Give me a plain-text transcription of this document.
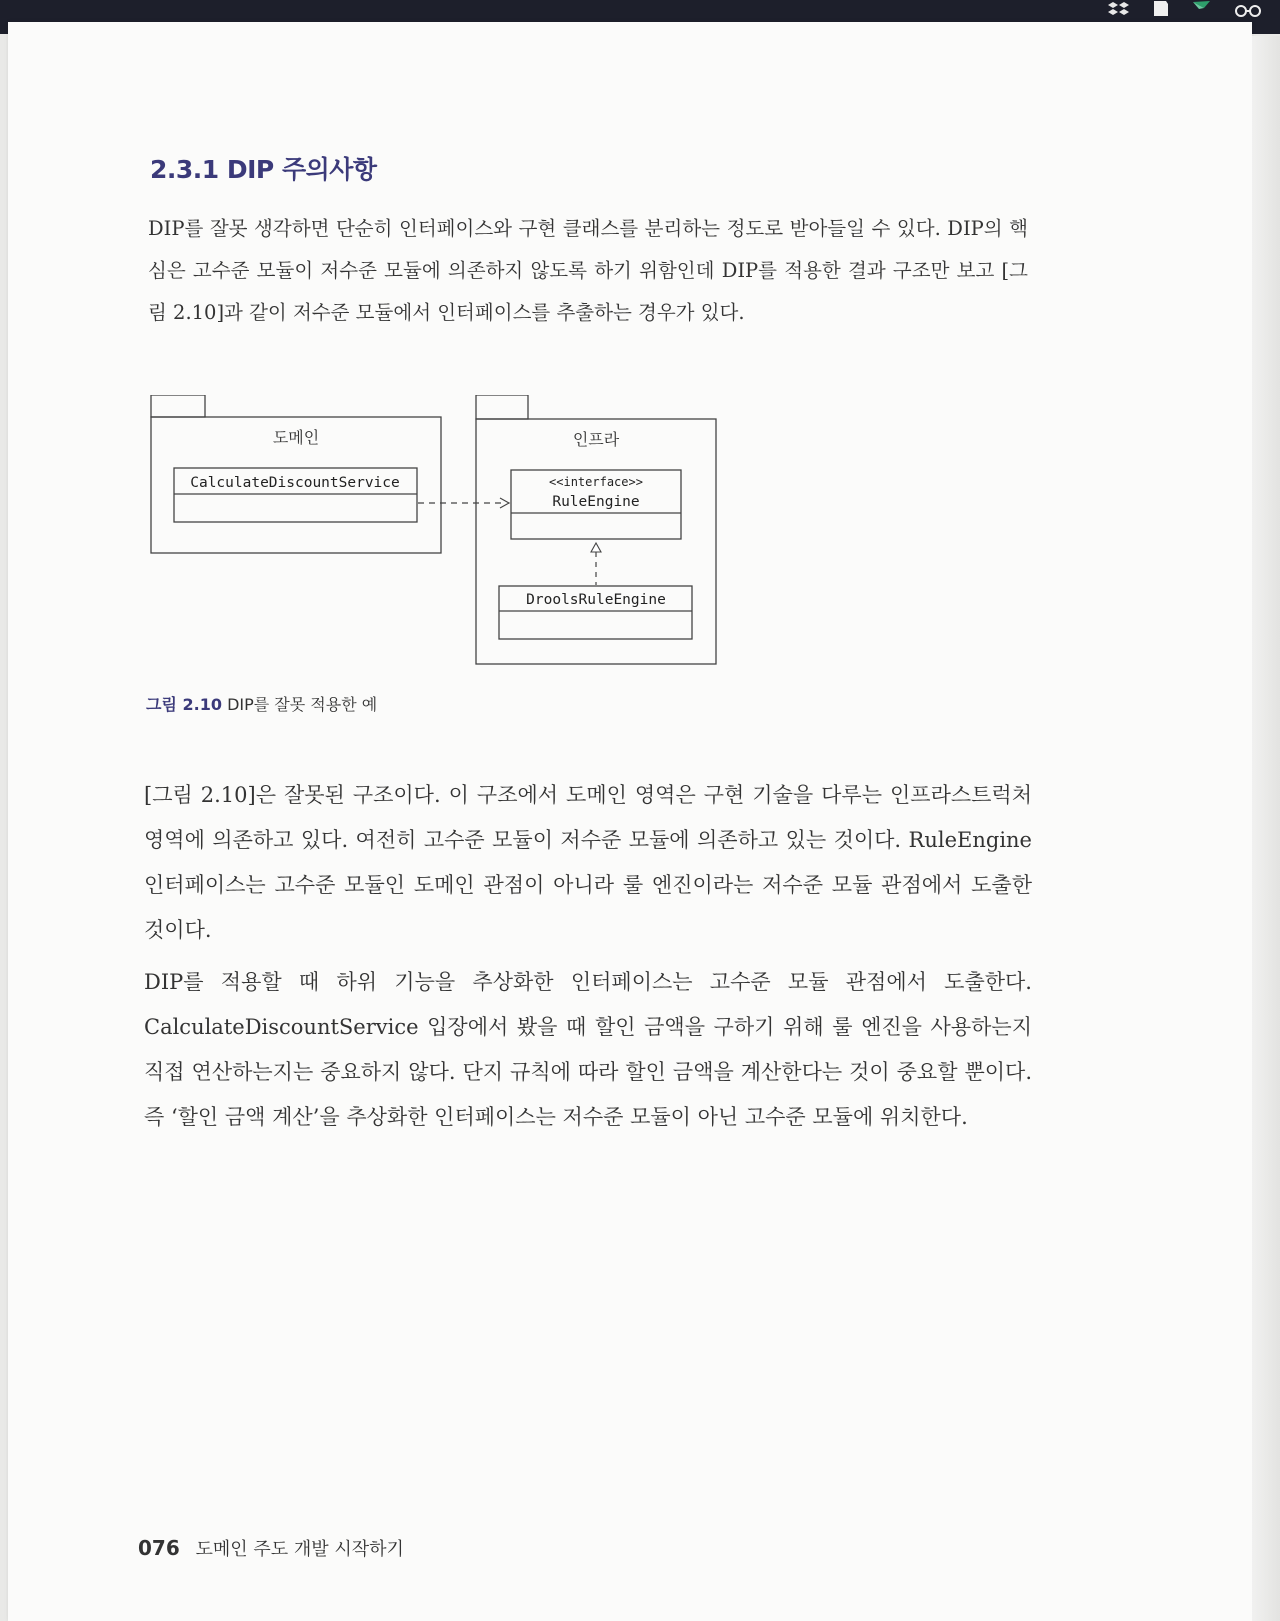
2.3.1 DIP 주의사항

DIP를 잘못 생각하면 단순히 인터페이스와 구현 클래스를 분리하는 정도로 받아들일 수 있다. DIP의 핵심은 고수준 모듈이 저수준 모듈에 의존하지 않도록 하기 위함인데 DIP를 적용한 결과 구조만 보고 [그림 2.10]과 같이 저수준 모듈에서 인터페이스를 추출하는 경우가 있다.

도메인
CalculateDiscountService
인프라
<<interface>>
RuleEngine
DroolsRuleEngine

그림 2.10 DIP를 잘못 적용한 예

[그림 2.10]은 잘못된 구조이다. 이 구조에서 도메인 영역은 구현 기술을 다루는 인프라스트럭처 영역에 의존하고 있다. 여전히 고수준 모듈이 저수준 모듈에 의존하고 있는 것이다. RuleEngine 인터페이스는 고수준 모듈인 도메인 관점이 아니라 룰 엔진이라는 저수준 모듈 관점에서 도출한 것이다.

DIP를 적용할 때 하위 기능을 추상화한 인터페이스는 고수준 모듈 관점에서 도출한다. CalculateDiscountService 입장에서 봤을 때 할인 금액을 구하기 위해 룰 엔진을 사용하는지 직접 연산하는지는 중요하지 않다. 단지 규칙에 따라 할인 금액을 계산한다는 것이 중요할 뿐이다. 즉 ‘할인 금액 계산’을 추상화한 인터페이스는 저수준 모듈이 아닌 고수준 모듈에 위치한다.

076 도메인 주도 개발 시작하기
